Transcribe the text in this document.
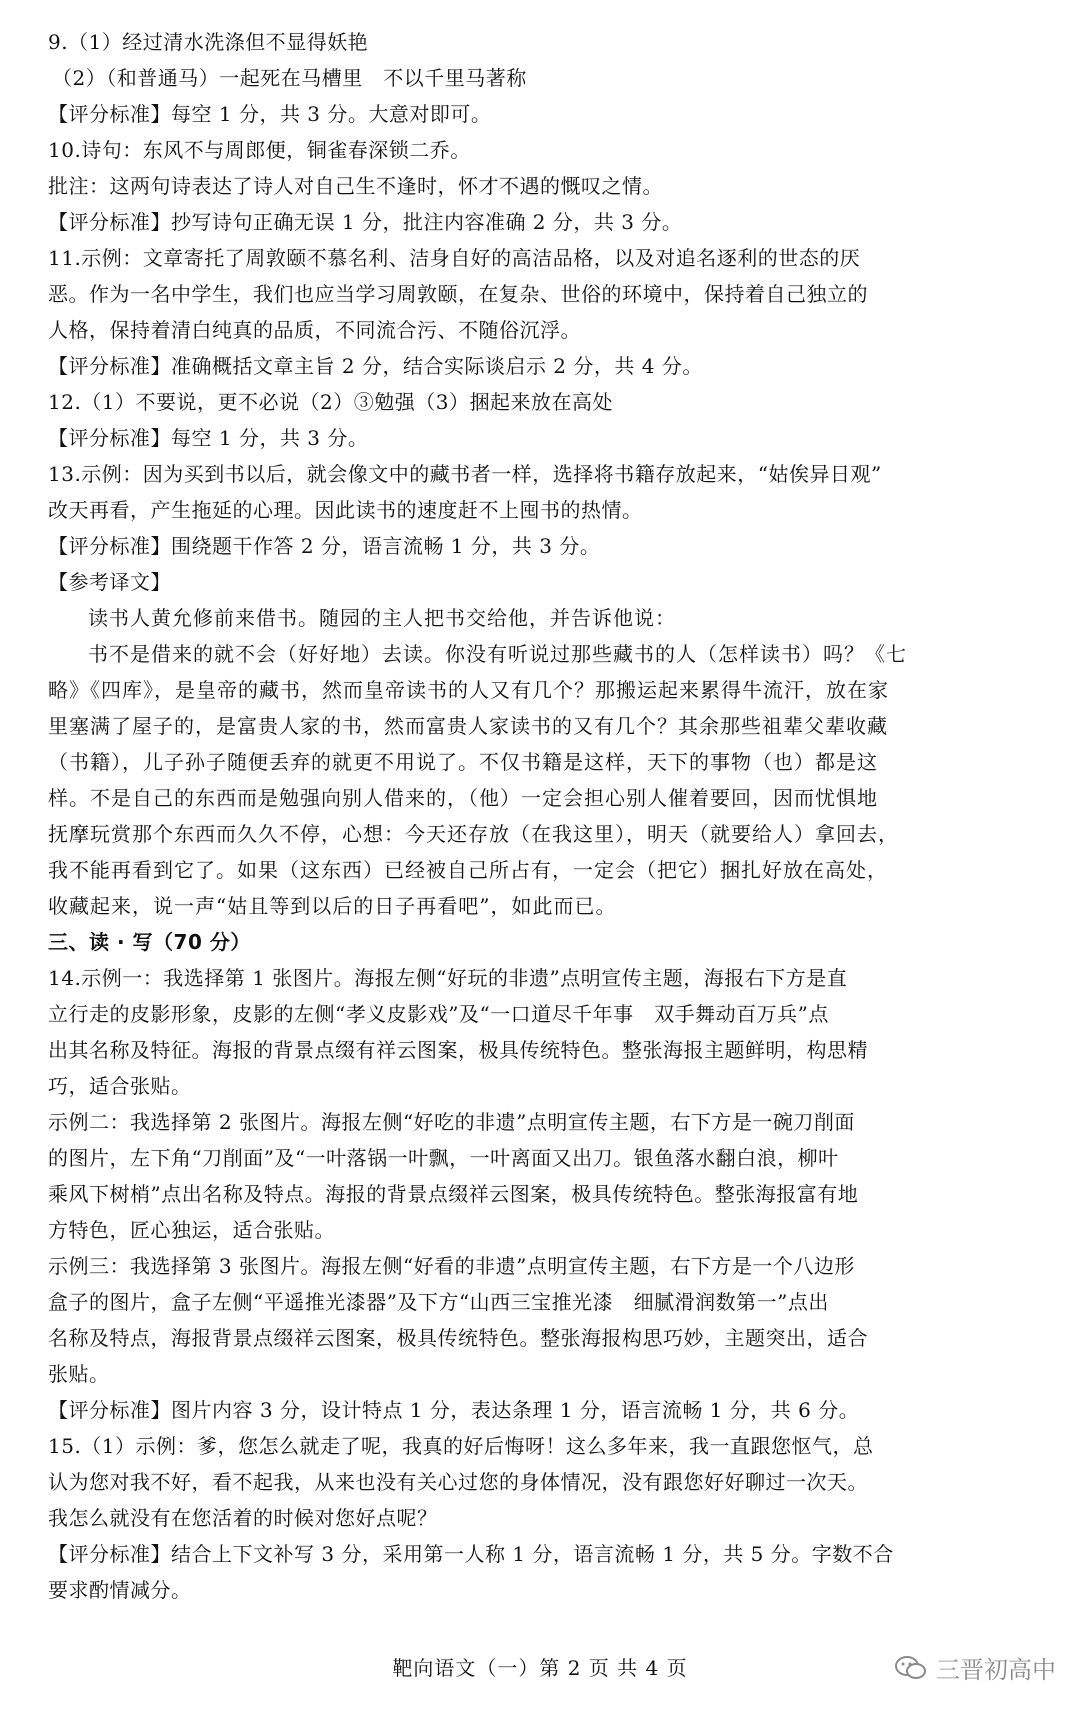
9.（1）经过清水洗涤但不显得妖艳
（2）（和普通马）一起死在马槽里　不以千里马著称
【评分标准】每空 1 分，共 3 分。大意对即可。
10.诗句：东风不与周郎便，铜雀春深锁二乔。
批注：这两句诗表达了诗人对自己生不逢时，怀才不遇的慨叹之情。
【评分标准】抄写诗句正确无误 1 分，批注内容准确 2 分，共 3 分。
11.示例：文章寄托了周敦颐不慕名利、洁身自好的高洁品格，以及对追名逐利的世态的厌
恶。作为一名中学生，我们也应当学习周敦颐，在复杂、世俗的环境中，保持着自己独立的
人格，保持着清白纯真的品质，不同流合污、不随俗沉浮。
【评分标准】准确概括文章主旨 2 分，结合实际谈启示 2 分，共 4 分。
12.（1）不要说，更不必说（2）③勉强（3）捆起来放在高处
【评分标准】每空 1 分，共 3 分。
13.示例：因为买到书以后，就会像文中的藏书者一样，选择将书籍存放起来，“姑俟异日观”
改天再看，产生拖延的心理。因此读书的速度赶不上囤书的热情。
【评分标准】围绕题干作答 2 分，语言流畅 1 分，共 3 分。
【参考译文】
读书人黄允修前来借书。随园的主人把书交给他，并告诉他说：
书不是借来的就不会（好好地）去读。你没有听说过那些藏书的人（怎样读书）吗？《七
略》《四库》，是皇帝的藏书，然而皇帝读书的人又有几个？那搬运起来累得牛流汗，放在家
里塞满了屋子的，是富贵人家的书，然而富贵人家读书的又有几个？其余那些祖辈父辈收藏
（书籍），儿子孙子随便丢弃的就更不用说了。不仅书籍是这样，天下的事物（也）都是这
样。不是自己的东西而是勉强向别人借来的，（他）一定会担心别人催着要回，因而忧惧地
抚摩玩赏那个东西而久久不停，心想：今天还存放（在我这里），明天（就要给人）拿回去，
我不能再看到它了。如果（这东西）已经被自己所占有，一定会（把它）捆扎好放在高处，
收藏起来，说一声“姑且等到以后的日子再看吧”，如此而已。
三、读 · 写（70 分）
14.示例一：我选择第 1 张图片。海报左侧“好玩的非遗”点明宣传主题，海报右下方是直
立行走的皮影形象，皮影的左侧“孝义皮影戏”及“一口道尽千年事　双手舞动百万兵”点
出其名称及特征。海报的背景点缀有祥云图案，极具传统特色。整张海报主题鲜明，构思精
巧，适合张贴。
示例二：我选择第 2 张图片。海报左侧“好吃的非遗”点明宣传主题，右下方是一碗刀削面
的图片，左下角“刀削面”及“一叶落锅一叶飘，一叶离面又出刀。银鱼落水翻白浪，柳叶
乘风下树梢”点出名称及特点。海报的背景点缀祥云图案，极具传统特色。整张海报富有地
方特色，匠心独运，适合张贴。
示例三：我选择第 3 张图片。海报左侧“好看的非遗”点明宣传主题，右下方是一个八边形
盒子的图片，盒子左侧“平遥推光漆器”及下方“山西三宝推光漆　细腻滑润数第一”点出
名称及特点，海报背景点缀祥云图案，极具传统特色。整张海报构思巧妙，主题突出，适合
张贴。
【评分标准】图片内容 3 分，设计特点 1 分，表达条理 1 分，语言流畅 1 分，共 6 分。
15.（1）示例：爹，您怎么就走了呢，我真的好后悔呀！这么多年来，我一直跟您怄气，总
认为您对我不好，看不起我，从来也没有关心过您的身体情况，没有跟您好好聊过一次天。
我怎么就没有在您活着的时候对您好点呢？
【评分标准】结合上下文补写 3 分，采用第一人称 1 分，语言流畅 1 分，共 5 分。字数不合
要求酌情减分。
靶向语文（一）第 2 页 共 4 页	三晋初高中
